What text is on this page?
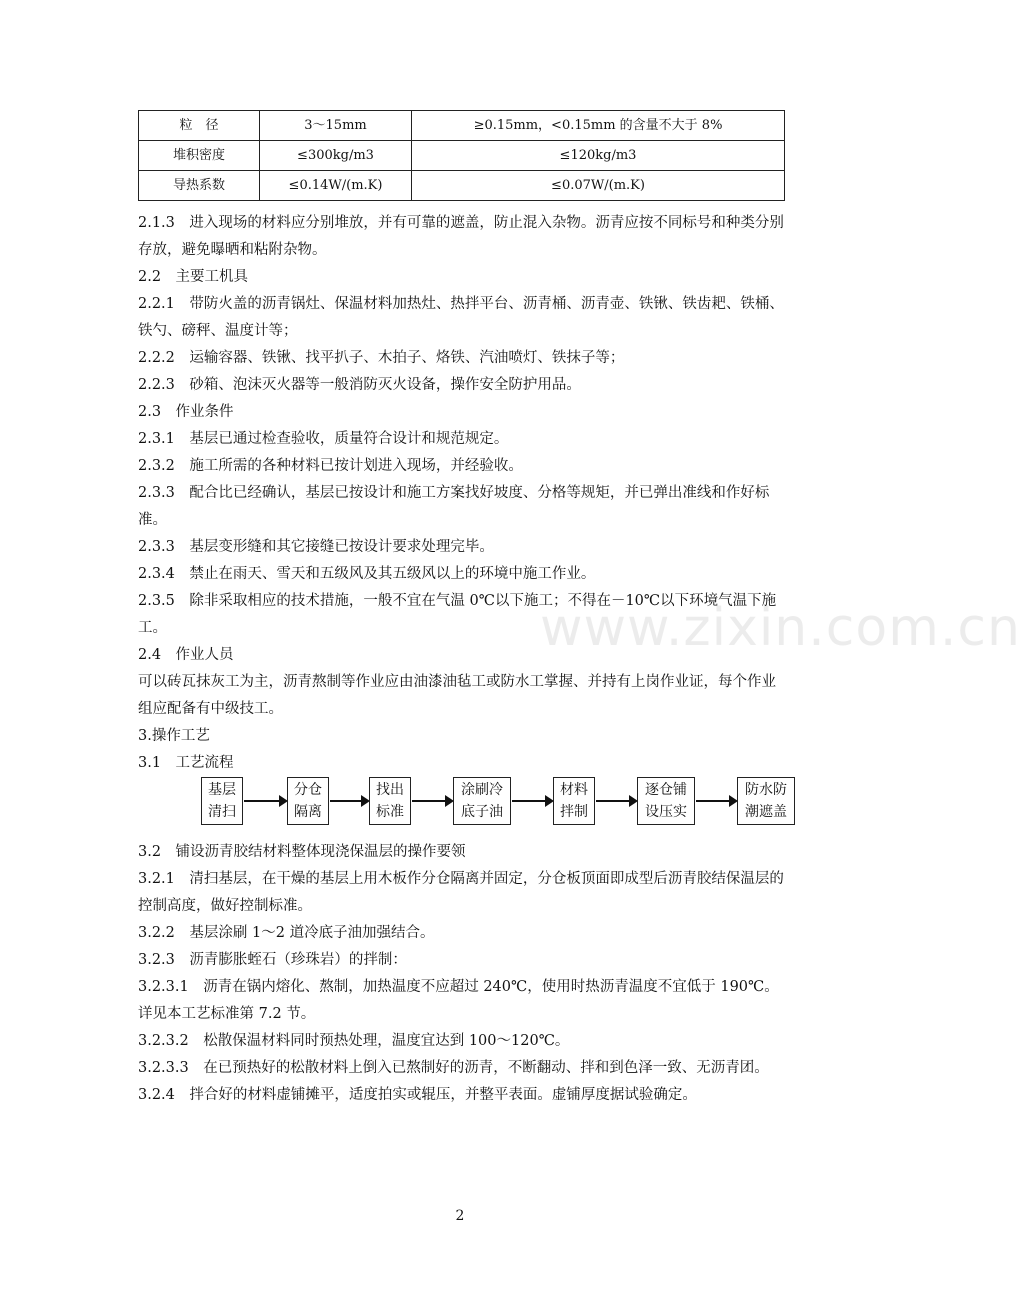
粒　径	3～15mm	≥0.15mm，<0.15mm 的含量不大于 8%
堆积密度	≤300kg/m3	≤120kg/m3
导热系数	≤0.14W/(m.K)	≤0.07W/(m.K)
www.zixin.com.cn

2.1.3　进入现场的材料应分别堆放，并有可靠的遮盖，防止混入杂物。沥青应按不同标号和种类分别存放，避免曝晒和粘附杂物。

2.2　主要工机具

2.2.1　带防火盖的沥青锅灶、保温材料加热灶、热拌平台、沥青桶、沥青壶、铁锹、铁齿耙、铁桶、铁勺、磅秤、温度计等；

2.2.2　运输容器、铁锹、找平扒子、木拍子、烙铁、汽油喷灯、铁抹子等；

2.2.3　砂箱、泡沫灭火器等一般消防灭火设备，操作安全防护用品。

2.3　作业条件

2.3.1　基层已通过检查验收，质量符合设计和规范规定。

2.3.2　施工所需的各种材料已按计划进入现场，并经验收。

2.3.3　配合比已经确认，基层已按设计和施工方案找好坡度、分格等规矩，并已弹出准线和作好标准。

2.3.3　基层变形缝和其它接缝已按设计要求处理完毕。

2.3.4　禁止在雨天、雪天和五级风及其五级风以上的环境中施工作业。

2.3.5　除非采取相应的技术措施，一般不宜在气温 0℃以下施工；不得在－10℃以下环境气温下施工。

2.4　作业人员

可以砖瓦抹灰工为主，沥青熬制等作业应由油漆油毡工或防水工掌握、并持有上岗作业证，每个作业组应配备有中级技工。

3.操作工艺

3.1　工艺流程

基层
清扫
分仓
隔离
找出
标准
涂刷冷
底子油
材料
拌制
逐仓铺
设压实
防水防
潮遮盖

3.2　铺设沥青胶结材料整体现浇保温层的操作要领

3.2.1　清扫基层，在干燥的基层上用木板作分仓隔离并固定，分仓板顶面即成型后沥青胶结保温层的控制高度，做好控制标准。

3.2.2　基层涂刷 1～2 道冷底子油加强结合。

3.2.3　沥青膨胀蛭石（珍珠岩）的拌制：

3.2.3.1　沥青在锅内熔化、熬制，加热温度不应超过 240℃，使用时热沥青温度不宜低于 190℃。详见本工艺标准第 7.2 节。

3.2.3.2　松散保温材料同时预热处理，温度宜达到 100～120℃。

3.2.3.3　在已预热好的松散材料上倒入已熬制好的沥青，不断翻动、拌和到色泽一致、无沥青团。

3.2.4　拌合好的材料虚铺摊平，适度拍实或辊压，并整平表面。虚铺厚度据试验确定。

2
